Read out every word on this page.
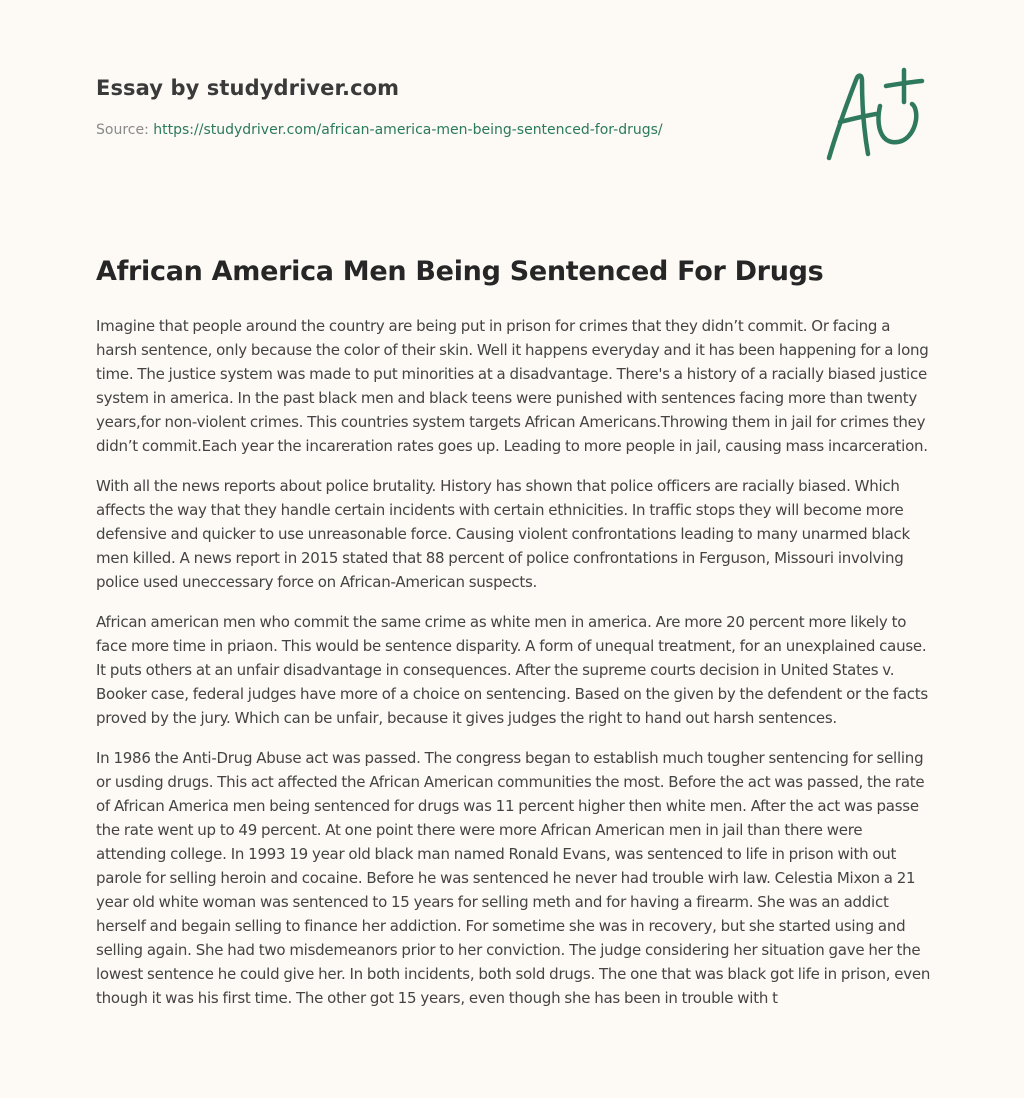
Essay by studydriver.com
Source: https://studydriver.com/african-america-men-being-sentenced-for-drugs/
African America Men Being Sentenced For Drugs

Imagine that people around the country are being put in prison for crimes that they didn’t commit. Or facing a harsh sentence, only because the color of their skin. Well it happens everyday and it has been happening for a long time. The justice system was made to put minorities at a disadvantage. There's a history of a racially biased justice system in america. In the past black men and black teens were punished with sentences facing more than twenty years,for non-violent crimes. This countries system targets African Americans.Throwing them in jail for crimes they didn’t commit.Each year the incareration rates goes up. Leading to more people in jail, causing mass incarceration.

With all the news reports about police brutality. History has shown that police officers are racially biased. Which affects the way that they handle certain incidents with certain ethnicities. In traffic stops they will become more defensive and quicker to use unreasonable force. Causing violent confrontations leading to many unarmed black men killed. A news report in 2015 stated that 88 percent of police confrontations in Ferguson, Missouri involving police used uneccessary force on African-American suspects.

African american men who commit the same crime as white men in america. Are more 20 percent more likely to face more time in priaon. This would be sentence disparity. A form of unequal treatment, for an unexplained cause. It puts others at an unfair disadvantage in consequences. After the supreme courts decision in United States v. Booker case, federal judges have more of a choice on sentencing. Based on the given by the defendent or the facts proved by the jury. Which can be unfair, because it gives judges the right to hand out harsh sentences.

In 1986 the Anti-Drug Abuse act was passed. The congress began to establish much tougher sentencing for selling or usding drugs. This act affected the African American communities the most. Before the act was passed, the rate of African America men being sentenced for drugs was 11 percent higher then white men. After the act was passe the rate went up to 49 percent. At one point there were more African American men in jail than there were attending college. In 1993 19 year old black man named Ronald Evans, was sentenced to life in prison with out parole for selling heroin and cocaine. Before he was sentenced he never had trouble wirh law. Celestia Mixon a 21 year old white woman was sentenced to 15 years for selling meth and for having a firearm. She was an addict herself and begain selling to finance her addiction. For sometime she was in recovery, but she started using and selling again. She had two misdemeanors prior to her conviction. The judge considering her situation gave her the lowest sentence he could give her. In both incidents, both sold drugs. The one that was black got life in prison, even though it was his first time. The other got 15 years, even though she has been in trouble with t
